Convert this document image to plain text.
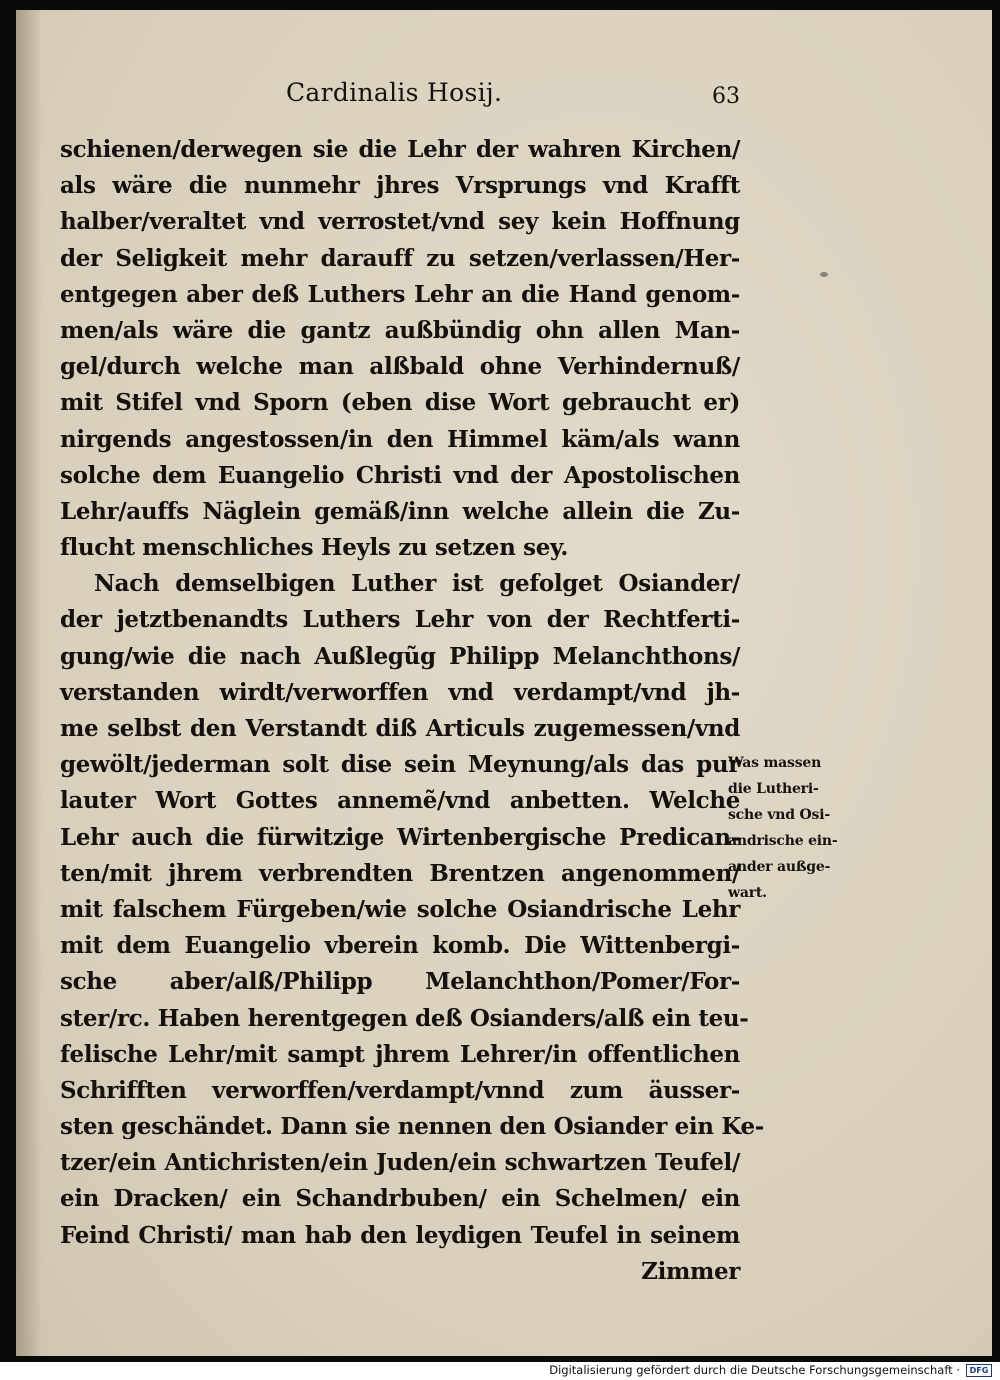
Cardinalis Hosij.	63
schienen/derwegen sie die Lehr der wahren Kirchen/
als wäre die nunmehr jhres Vrsprungs vnd Krafft
halber/veraltet vnd verrostet/vnd sey kein Hoffnung
der Seligkeit mehr darauff zu setzen/verlassen/Her-
entgegen aber deß Luthers Lehr an die Hand genom-
men/als wäre die gantz außbündig ohn allen Man-
gel/durch welche man alßbald ohne Verhindernuß/
mit Stifel vnd Sporn (eben dise Wort gebraucht er)
nirgends angestossen/in den Himmel käm/als wann
solche dem Euangelio Christi vnd der Apostolischen
Lehr/auffs Näglein gemäß/inn welche allein die Zu-
flucht menschliches Heyls zu setzen sey.
Nach demselbigen Luther ist gefolget Osiander/
der jetztbenandts Luthers Lehr von der Rechtferti-
gung/wie die nach Außlegũg Philipp Melanchthons/
verstanden wirdt/verworffen vnd verdampt/vnd jh-
me selbst den Verstandt diß Articuls zugemessen/vnd
gewölt/jederman solt dise sein Meynung/als das pur
lauter Wort Gottes annemẽ/vnd anbetten. Welche
Lehr auch die fürwitzige Wirtenbergische Predican-
ten/mit jhrem verbrendten Brentzen angenommen/
mit falschem Fürgeben/wie solche Osiandrische Lehr
mit dem Euangelio vberein komb. Die Wittenbergi-
sche aber/alß/Philipp Melanchthon/Pomer/For-
ster/rc. Haben herentgegen deß Osianders/alß ein teu-
felische Lehr/mit sampt jhrem Lehrer/in offentlichen
Schrifften verworffen/verdampt/vnnd zum äusser-
sten geschändet. Dann sie nennen den Osiander ein Ke-
tzer/ein Antichristen/ein Juden/ein schwartzen Teufel/
ein Dracken/ ein Schandrbuben/ ein Schelmen/ ein
Feind Christi/ man hab den leydigen Teufel in seinem
Zimmer
Was massen
die Lutheri-
sche vnd Osi-
andrische ein-
ander außge-
wart.
Digitalisierung gefördert durch die Deutsche Forschungsgemeinschaft ·	DFG
